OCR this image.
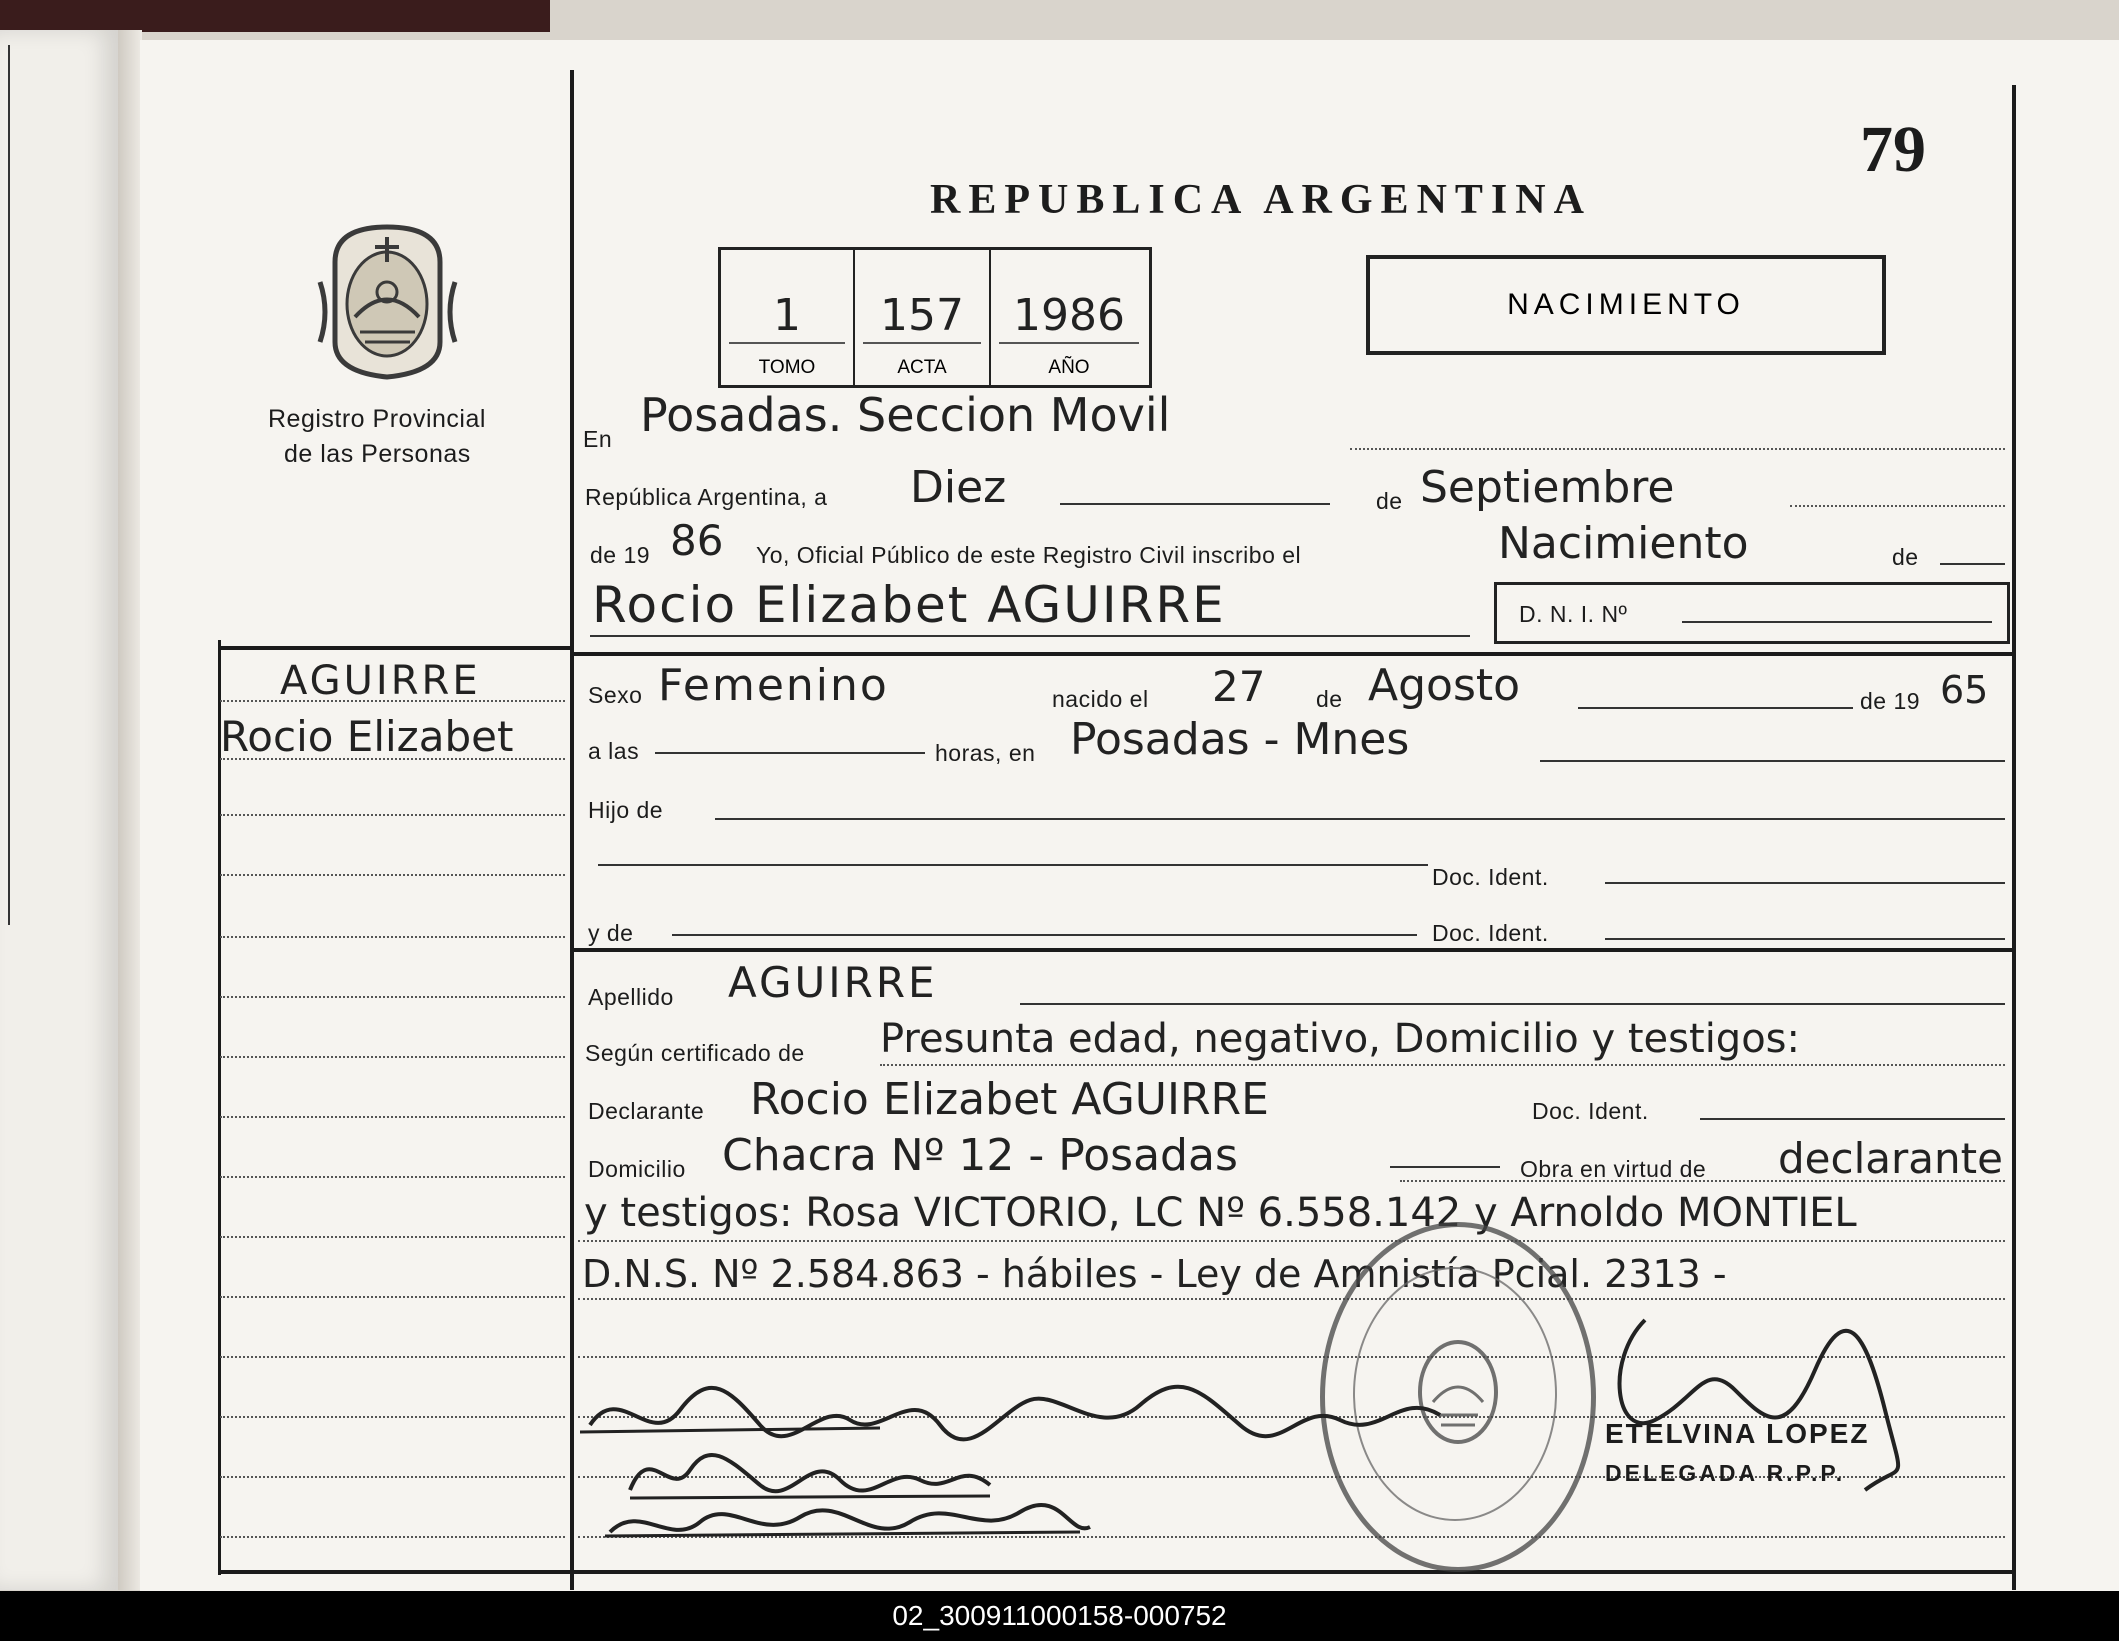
79
Registro Provincial
de las Personas
REPUBLICA ARGENTINA
NACIMIENTO
1
TOMO
157
ACTA
1986
AÑO
AGUIRRE
Rocio Elizabet
En Posadas. Seccion Movil
República Argentina, a Diez	de Septiembre
de 19 86 Yo, Oficial Público de este Registro Civil inscribo el	Nacimiento	de
Rocio Elizabet AGUIRRE	D. N. I. Nº
Sexo Femenino	nacido el 27 de Agosto	de 19 65
a las	horas, en Posadas - Mnes
Hijo de
Doc. Ident.
y de	Doc. Ident.
Apellido AGUIRRE
Según certificado de Presunta edad, negativo, Domicilio y testigos:
Declarante Rocio Elizabet AGUIRRE	Doc. Ident.
Domicilio Chacra Nº 12 - Posadas	Obra en virtud de declarante
y testigos: Rosa VICTORIO, LC Nº 6.558.142 y Arnoldo MONTIEL
D.N.S. Nº 2.584.863 - hábiles - Ley de Amnistía Pcial. 2313 -
ETELVINA LOPEZ
DELEGADA R.P.P.
02_300911000158-000752
